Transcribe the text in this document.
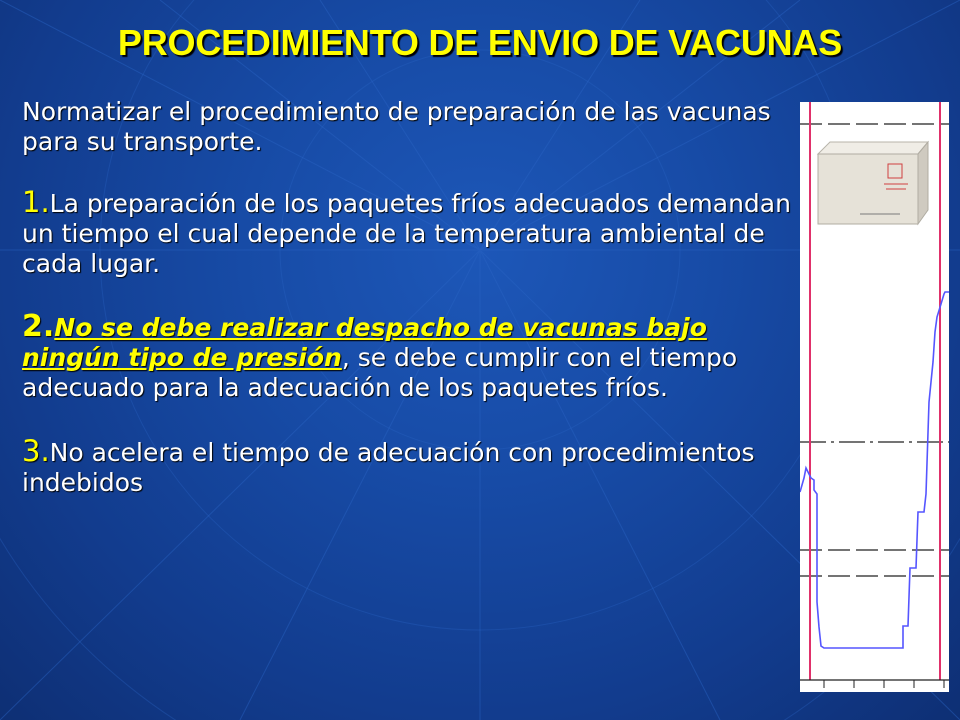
PROCEDIMIENTO DE ENVIO DE VACUNAS

Normatizar el procedimiento de preparación de las vacunas para su transporte.

1.La preparación de los paquetes fríos adecuados demandan un tiempo el cual depende de la temperatura ambiental de cada lugar.

2.No se debe realizar despacho de vacunas bajo ningún tipo de presión, se debe cumplir con el tiempo adecuado para la adecuación de los paquetes fríos.

3.No acelera el tiempo de adecuación con procedimientos indebidos
